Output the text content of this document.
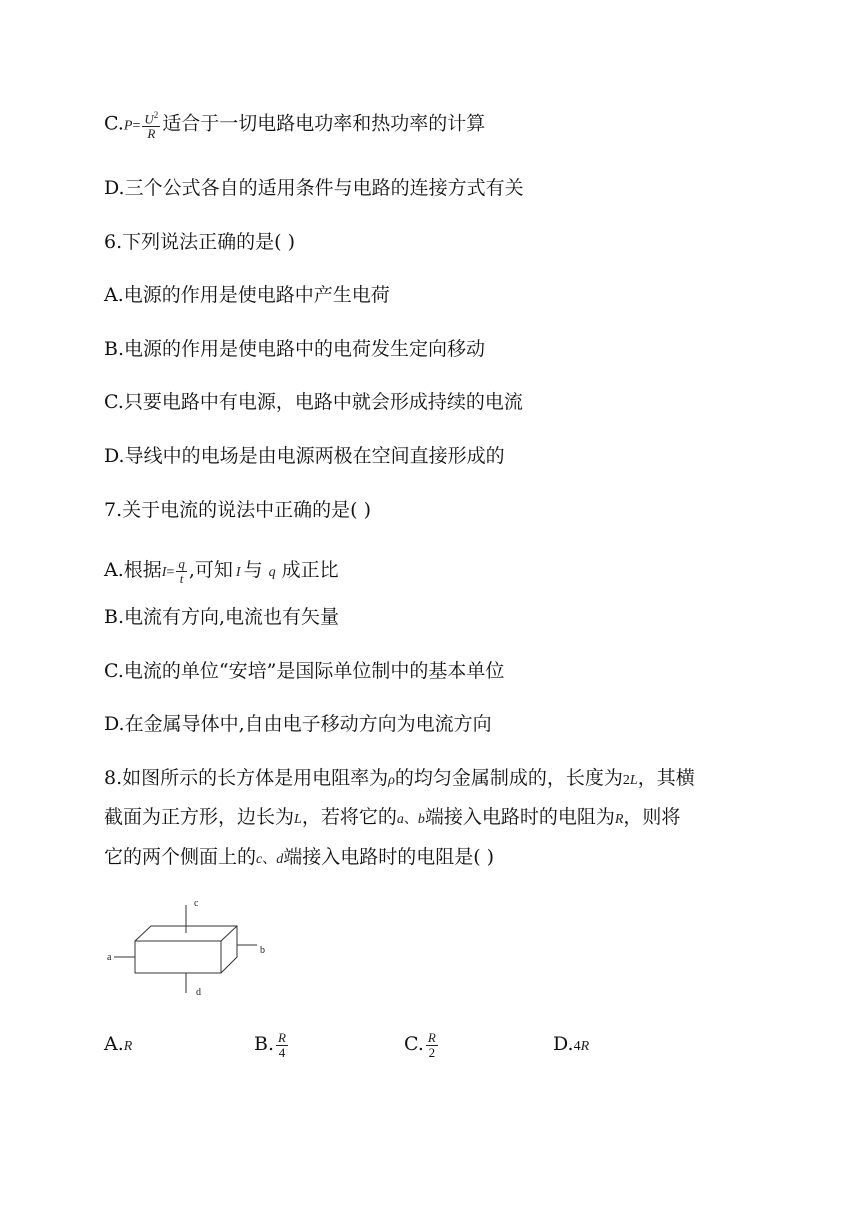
$C.P= \frac{U^2}{R}$ 适合于一切电路电功率和热功率的计算
D.三个公式各自的适用条件与电路的连接方式有关
6.下列说法正确的是( )
A.电源的作用是使电路中产生电荷
B.电源的作用是使电路中的电荷发生定向移动
C.只要电路中有电源，电路中就会形成持续的电流
D.导线中的电场是由电源两极在空间直接形成的
7.关于电流的说法中正确的是( )
A.根据$I= \frac{q}{t}$ ,可知 I 与 q 成正比
B.电流有方向,电流也有矢量
C.电流的单位“安培”是国际单位制中的基本单位
D.在金属导体中,自由电子移动方向为电流方向
8.如图所示的长方体是用电阻率为ρ的均匀金属制成的，长度为2L，其横
截面为正方形，边长为L，若将它的a、b端接入电路时的电阻为R，则将
它的两个侧面上的c、d端接入电路时的电阻是( )
a
b
c
d
A.R	B. $\frac{R}{4}$	C. $\frac{R}{2}$	D.4R
